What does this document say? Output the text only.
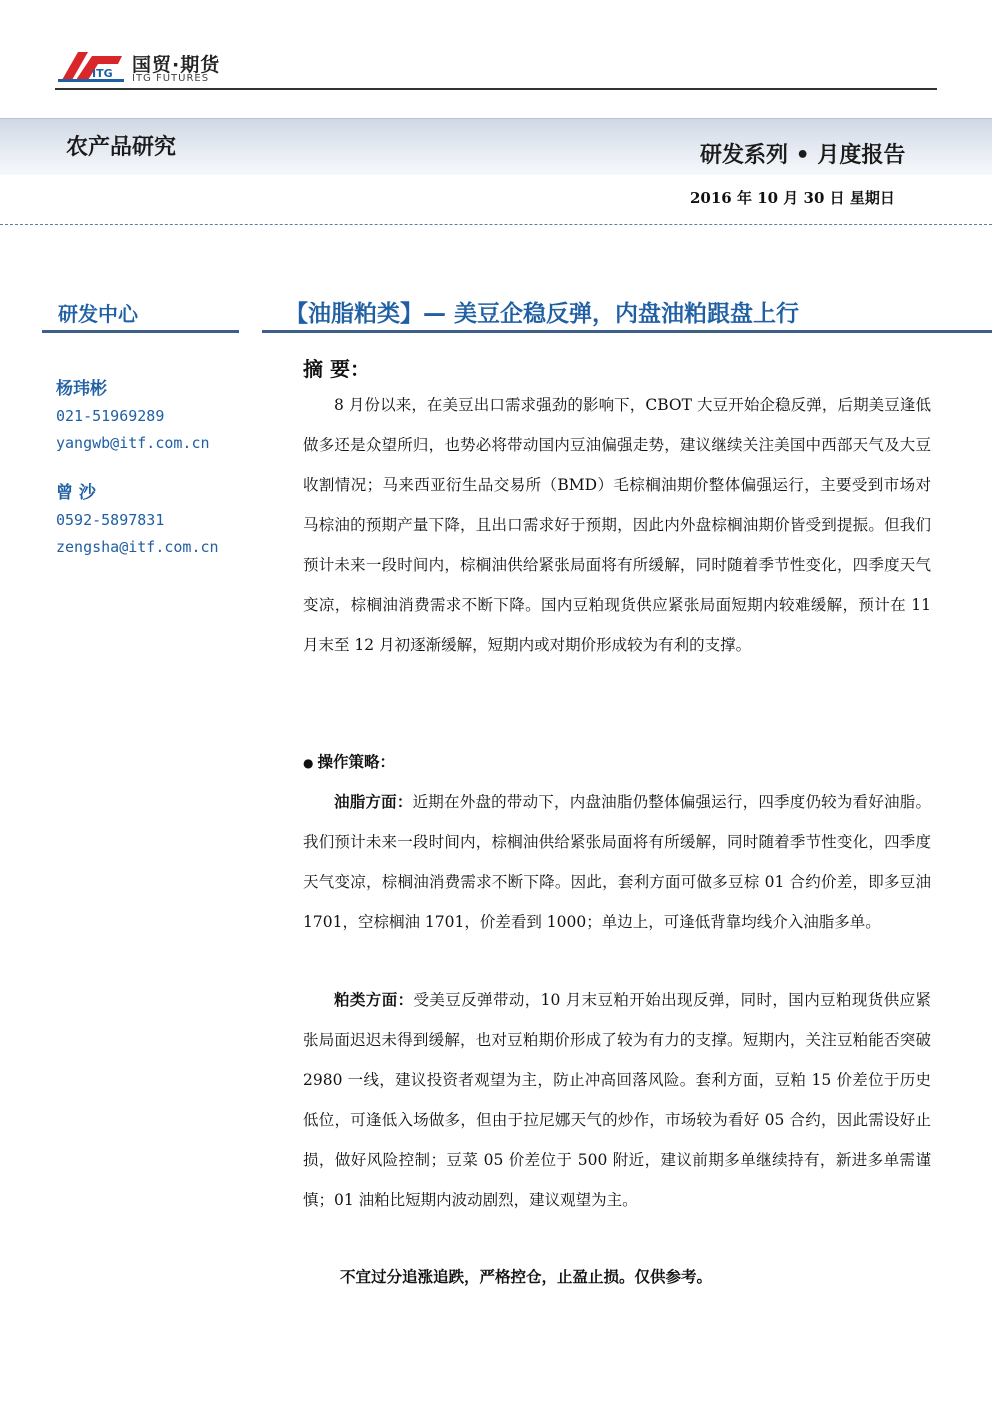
ITG 国贸·期货
ITG FUTURES
农产品研究	研发系列 • 月度报告
2016 年 10 月 30 日 星期日
研发中心
杨玮彬
021-51969289
yangwb@itf.com.cn
曾 沙
0592-5897831
zengsha@itf.com.cn
【油脂粕类】— 美豆企稳反弹，内盘油粕跟盘上行
摘 要：

8 月份以来，在美豆出口需求强劲的影响下，CBOT 大豆开始企稳反弹，后期美豆逢低做多还是众望所归，也势必将带动国内豆油偏强走势，建议继续关注美国中西部天气及大豆收割情况；马来西亚衍生品交易所（BMD）毛棕榈油期价整体偏强运行，主要受到市场对马棕油的预期产量下降，且出口需求好于预期，因此内外盘棕榈油期价皆受到提振。但我们预计未来一段时间内，棕榈油供给紧张局面将有所缓解，同时随着季节性变化，四季度天气变凉，棕榈油消费需求不断下降。国内豆粕现货供应紧张局面短期内较难缓解，预计在 11 月末至 12 月初逐渐缓解，短期内或对期价形成较为有利的支撑。

● 操作策略：

油脂方面：近期在外盘的带动下，内盘油脂仍整体偏强运行，四季度仍较为看好油脂。我们预计未来一段时间内，棕榈油供给紧张局面将有所缓解，同时随着季节性变化，四季度天气变凉，棕榈油消费需求不断下降。因此，套利方面可做多豆棕 01 合约价差，即多豆油 1701，空棕榈油 1701，价差看到 1000；单边上，可逢低背靠均线介入油脂多单。

粕类方面：受美豆反弹带动，10 月末豆粕开始出现反弹，同时，国内豆粕现货供应紧张局面迟迟未得到缓解，也对豆粕期价形成了较为有力的支撑。短期内，关注豆粕能否突破 2980 一线，建议投资者观望为主，防止冲高回落风险。套利方面，豆粕 15 价差位于历史低位，可逢低入场做多，但由于拉尼娜天气的炒作，市场较为看好 05 合约，因此需设好止损，做好风险控制；豆菜 05 价差位于 500 附近，建议前期多单继续持有，新进多单需谨慎；01 油粕比短期内波动剧烈，建议观望为主。

不宜过分追涨追跌，严格控仓，止盈止损。仅供参考。
